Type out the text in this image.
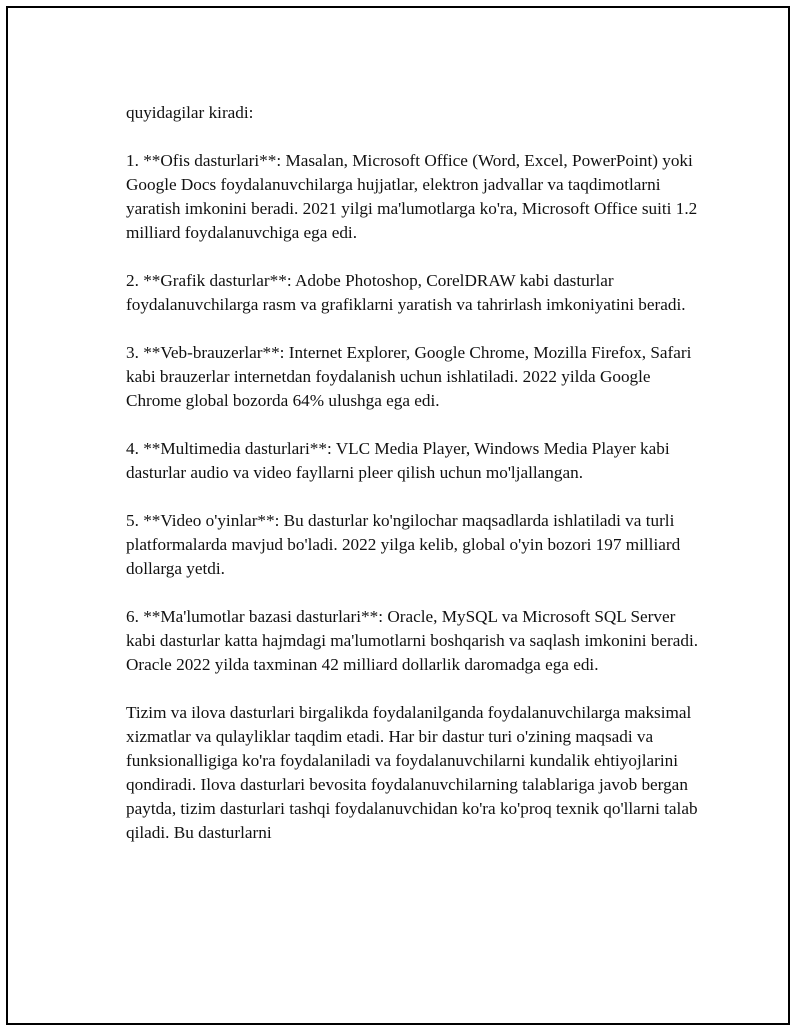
quyidagilar kiradi:

1. **Ofis dasturlari**: Masalan, Microsoft Office (Word, Excel, PowerPoint) yoki Google Docs foydalanuvchilarga hujjatlar, elektron jadvallar va taqdimotlarni yaratish imkonini beradi. 2021 yilgi ma'lumotlarga ko'ra, Microsoft Office suiti 1.2 milliard foydalanuvchiga ega edi.

2. **Grafik dasturlar**: Adobe Photoshop, CorelDRAW kabi dasturlar foydalanuvchilarga rasm va grafiklarni yaratish va tahrirlash imkoniyatini beradi.

3. **Veb-brauzerlar**: Internet Explorer, Google Chrome, Mozilla Firefox, Safari kabi brauzerlar internetdan foydalanish uchun ishlatiladi. 2022 yilda Google Chrome global bozorda 64% ulushga ega edi.

4. **Multimedia dasturlari**: VLC Media Player, Windows Media Player kabi dasturlar audio va video fayllarni pleer qilish uchun mo'ljallangan.

5. **Video o'yinlar**: Bu dasturlar ko'ngilochar maqsadlarda ishlatiladi va turli platformalarda mavjud bo'ladi. 2022 yilga kelib, global o'yin bozori 197 milliard dollarga yetdi.

6. **Ma'lumotlar bazasi dasturlari**: Oracle, MySQL va Microsoft SQL Server kabi dasturlar katta hajmdagi ma'lumotlarni boshqarish va saqlash imkonini beradi. Oracle 2022 yilda taxminan 42 milliard dollarlik daromadga ega edi.

Tizim va ilova dasturlari birgalikda foydalanilganda foydalanuvchilarga maksimal xizmatlar va qulayliklar taqdim etadi. Har bir dastur turi o'zining maqsadi va funksionalligiga ko'ra foydalaniladi va foydalanuvchilarni kundalik ehtiyojlarini qondiradi. Ilova dasturlari bevosita foydalanuvchilarning talablariga javob bergan paytda, tizim dasturlari tashqi foydalanuvchidan ko'ra ko'proq texnik qo'llarni talab qiladi. Bu dasturlarni
